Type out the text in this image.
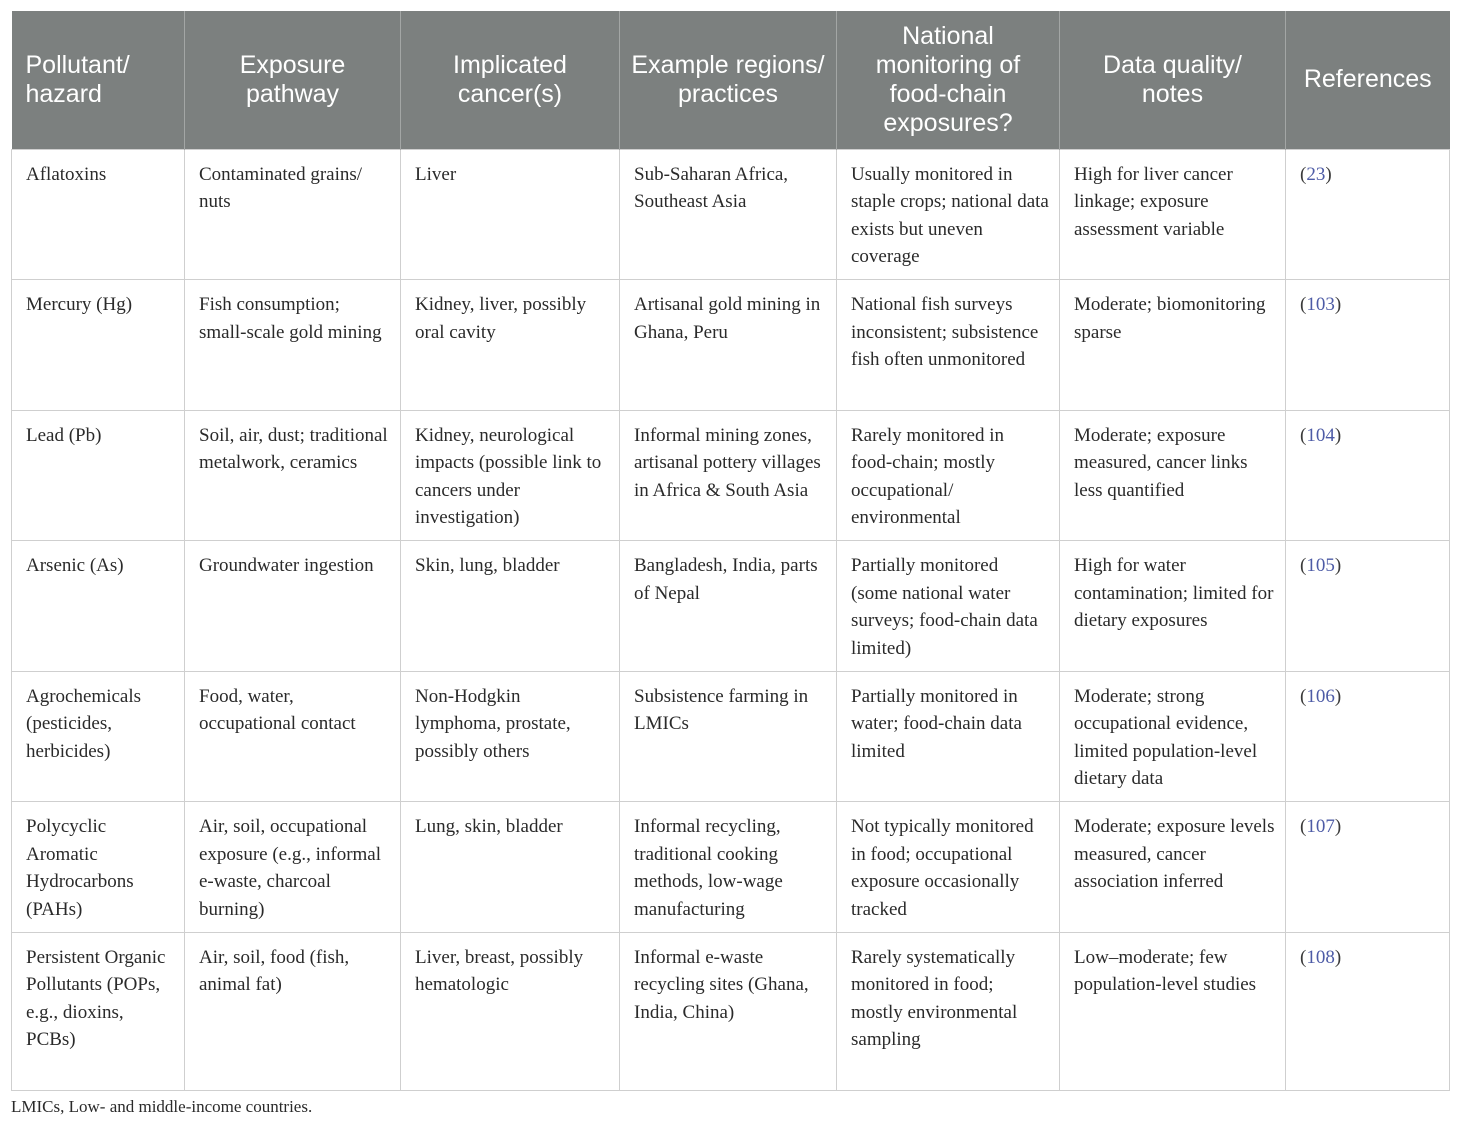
Pollutant/ hazard	Exposure pathway	Implicated cancer(s)	Example regions/ practices	National monitoring of food-chain exposures?	Data quality/ notes	References
Aflatoxins	Contaminated grains/ nuts	Liver	Sub-Saharan Africa, Southeast Asia	Usually monitored in staple crops; national data exists but uneven coverage	High for liver cancer linkage; exposure assessment variable	(23)
Mercury (Hg)	Fish consumption; small-scale gold mining	Kidney, liver, possibly oral cavity	Artisanal gold mining in Ghana, Peru	National fish surveys inconsistent; subsistence fish often unmonitored	Moderate; biomonitoring sparse	(103)
Lead (Pb)	Soil, air, dust; traditional metalwork, ceramics	Kidney, neurological impacts (possible link to cancers under investigation)	Informal mining zones, artisanal pottery villages in Africa & South Asia	Rarely monitored in food-chain; mostly occupational/ environmental	Moderate; exposure measured, cancer links less quantified	(104)
Arsenic (As)	Groundwater ingestion	Skin, lung, bladder	Bangladesh, India, parts of Nepal	Partially monitored (some national water surveys; food-chain data limited)	High for water contamination; limited for dietary exposures	(105)
Agrochemicals (pesticides, herbicides)	Food, water, occupational contact	Non-Hodgkin lymphoma, prostate, possibly others	Subsistence farming in LMICs	Partially monitored in water; food-chain data limited	Moderate; strong occupational evidence, limited population-level dietary data	(106)
Polycyclic Aromatic Hydrocarbons (PAHs)	Air, soil, occupational exposure (e.g., informal e-waste, charcoal burning)	Lung, skin, bladder	Informal recycling, traditional cooking methods, low-wage manufacturing	Not typically monitored in food; occupational exposure occasionally tracked	Moderate; exposure levels measured, cancer association inferred	(107)
Persistent Organic Pollutants (POPs, e.g., dioxins, PCBs)	Air, soil, food (fish, animal fat)	Liver, breast, possibly hematologic	Informal e-waste recycling sites (Ghana, India, China)	Rarely systematically monitored in food; mostly environmental sampling	Low–moderate; few population-level studies	(108)
LMICs, Low- and middle-income countries.
